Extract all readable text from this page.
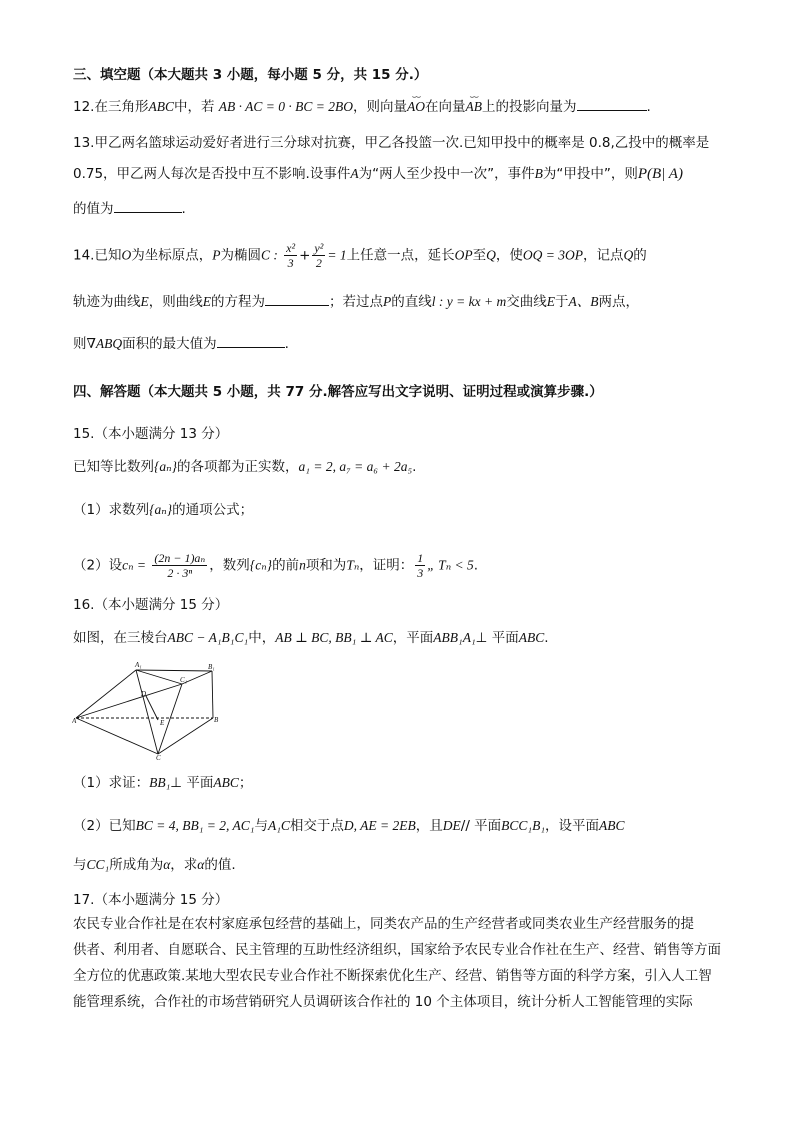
三、填空题（本大题共 3 小题，每小题 5 分，共 15 分.）
12.在三角形ABC中，若 AB · AC = 0 · BC = 2BO，则向量⌣⌣ AO在向量⌣⌣ AB上的投影向量为	.
13.甲乙两名篮球运动爱好者进行三分球对抗赛，甲乙各投篮一次.已知甲投中的概率是 0.8,乙投中的概率是
0.75，甲乙两人每次是否投中互不影响.设事件A为“两人至少投中一次”，事件B为“甲投中”，则P(B| A)
的值为	.
14.已知O为坐标原点，P为椭圆C : $\frac{\text{x²}}{3} + \frac{\text{y²}}{2} = 1$上任意一点，延长OP至Q，使OQ = 3OP，记点Q的
轨迹为曲线E，则曲线E的方程为	；若过点P的直线l : y = kx + m交曲线E于A、B两点，
则∇ABQ面积的最大值为	.
四、解答题（本大题共 5 小题，共 77 分.解答应写出文字说明、证明过程或演算步骤.）
15.（本小题满分 13 分）
已知等比数列{aₙ}的各项都为正实数，a₁ = 2, a₇ = a₆ + 2a₅.
（1）求数列{aₙ}的通项公式；
（2）设$c_n = \frac{\text{(2n − 1)aₙ}}{\text{2 · 3ⁿ}}$ ，数列{cₙ}的前n项和为Tₙ，证明： $\frac{1}{3}$ „ Tₙ < 5.
16.（本小题满分 15 分）
如图，在三棱台ABC − A₁B₁C₁中，AB ⊥ BC, BB₁ ⊥ AC，平面ABB₁A₁⊥ 平面ABC.
A₁	B₁
C₁
D
E
A	B
C
（1）求证：BB₁⊥ 平面ABC；
（2）已知BC = 4, BB₁ = 2, AC₁与A₁C相交于点D, AE = 2EB，且DE// 平面BCC₁B₁，设平面ABC
与CC₁所成角为α，求α的值.
17.（本小题满分 15 分）
农民专业合作社是在农村家庭承包经营的基础上，同类农产品的生产经营者或同类农业生产经营服务的提
供者、利用者、自愿联合、民主管理的互助性经济组织，国家给予农民专业合作社在生产、经营、销售等方面
全方位的优惠政策.某地大型农民专业合作社不断探索优化生产、经营、销售等方面的科学方案，引入人工智
能管理系统，合作社的市场营销研究人员调研该合作社的 10 个主体项目，统计分析人工智能管理的实际
